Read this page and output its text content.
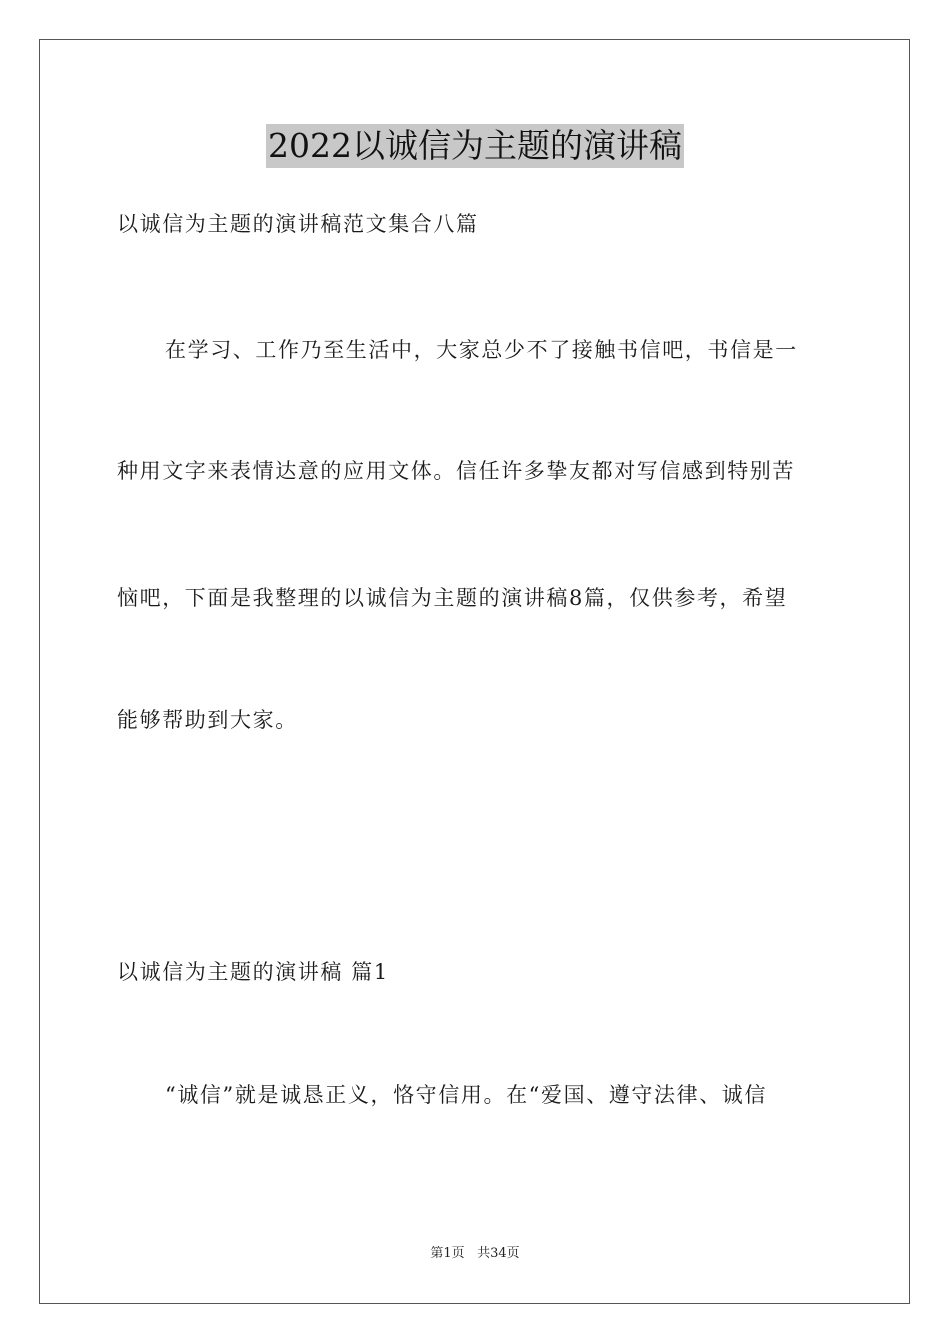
2022以诚信为主题的演讲稿
以诚信为主题的演讲稿范文集合八篇
在学习、工作乃至生活中，大家总少不了接触书信吧，书信是一
种用文字来表情达意的应用文体。信任许多挚友都对写信感到特别苦
恼吧，下面是我整理的以诚信为主题的演讲稿8篇，仅供参考，希望
能够帮助到大家。
以诚信为主题的演讲稿 篇1
“诚信”就是诚恳正义，恪守信用。在“爱国、遵守法律、诚信
第1页 共34页
